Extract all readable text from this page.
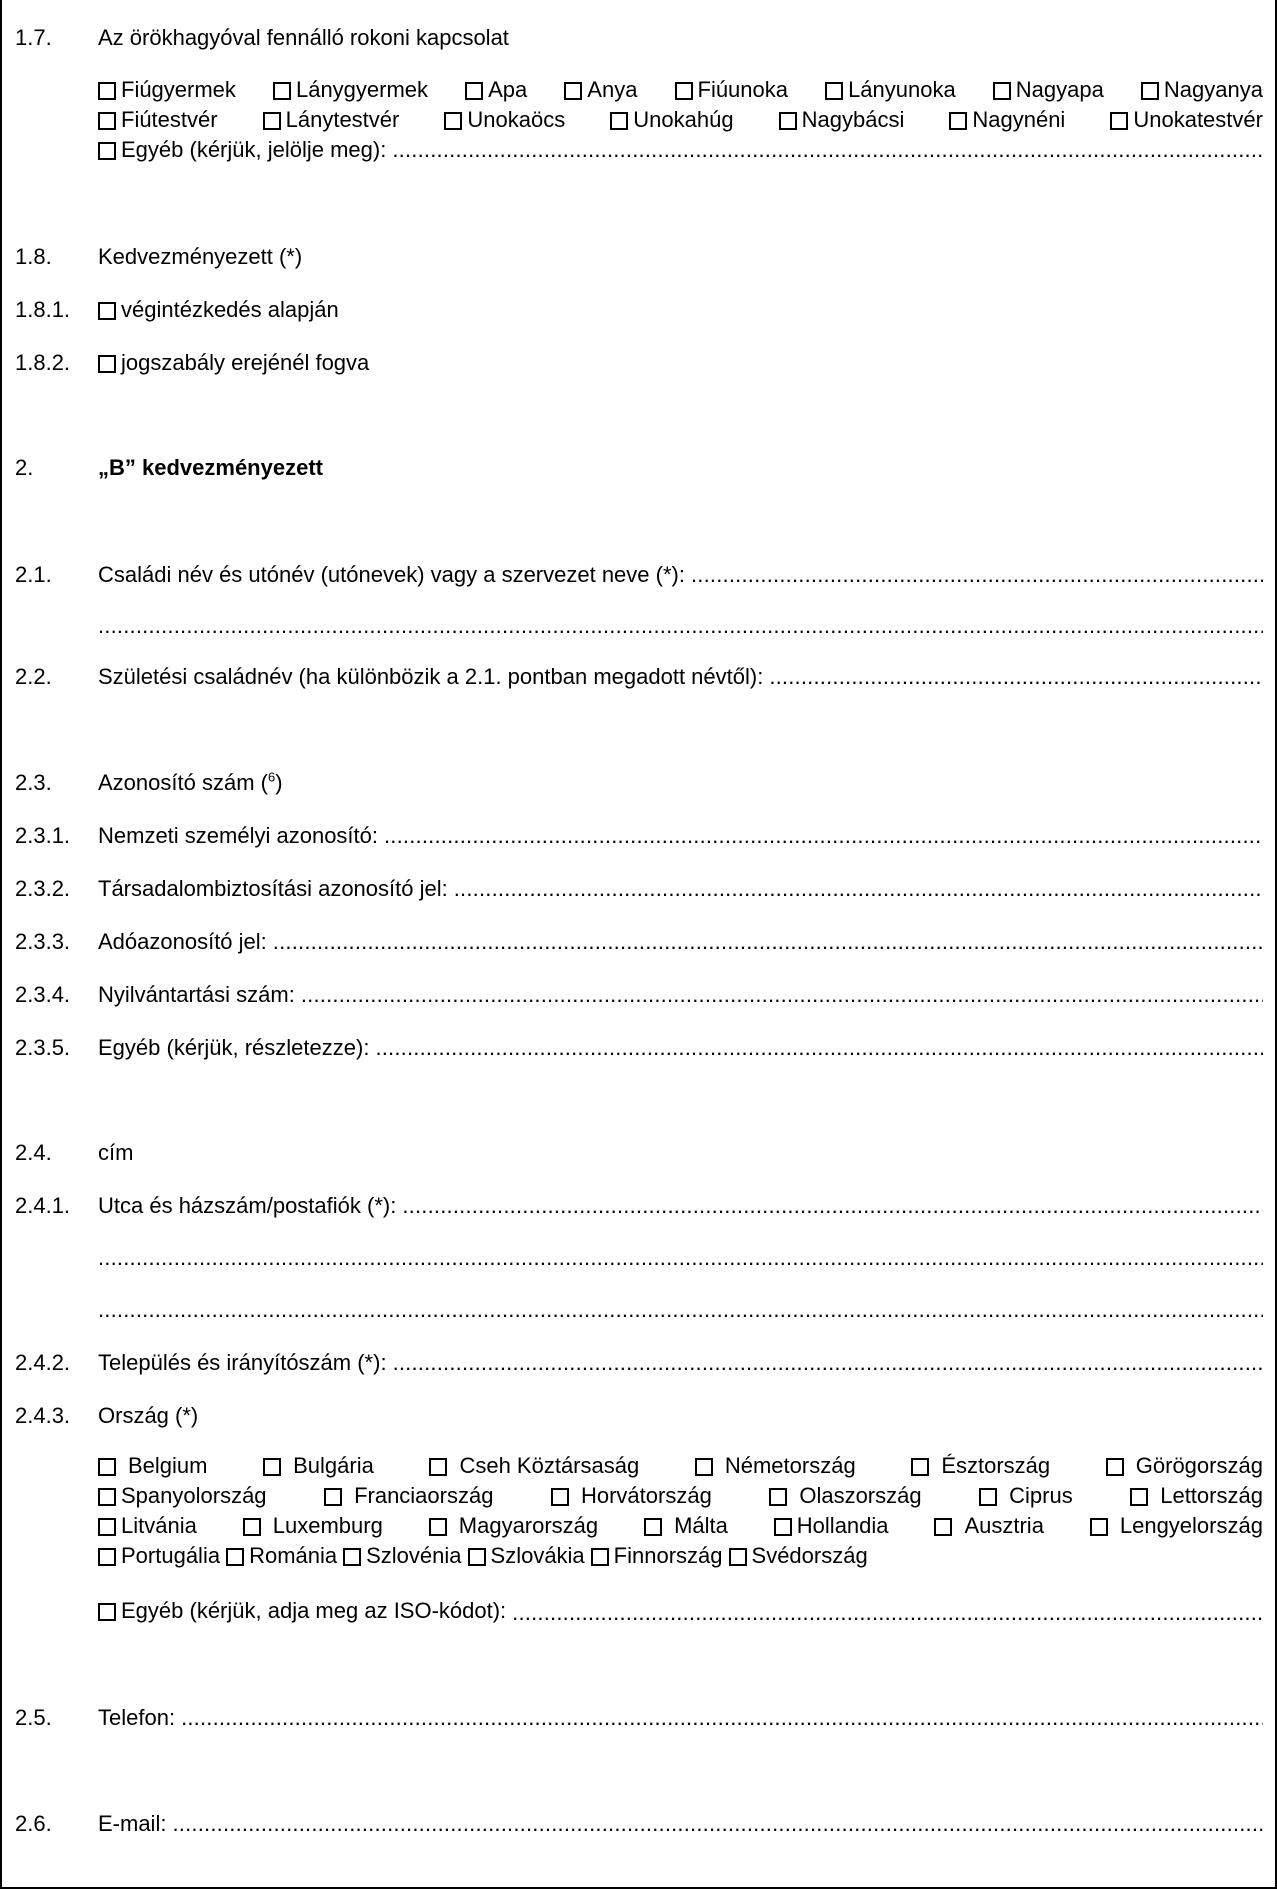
1.7. Az örökhagyóval fennálló rokoni kapcsolat
Fiúgyermek	Lánygyermek	Apa	Anya	Fiúunoka	Lányunoka	Nagyapa	Nagyanya
Fiútestvér	Lánytestvér	Unokaöcs	Unokahúg	Nagybácsi	Nagynéni	Unokatestvér
Egyéb (kérjük, jelölje meg):
.....
1.8. Kedvezményezett (*)
1.8.1. végintézkedés alapján
1.8.2. jogszabály erejénél fogva
2.	„B” kedvezményezett
2.1. Családi név és utónév (utónevek) vagy a szervezet neve (*):
.....
.....
2.2. Születési családnév (ha különbözik a 2.1. pontban megadott névtől):
.....
2.3. Azonosító szám ($^6$)
2.3.1. Nemzeti személyi azonosító:
.....
2.3.2. Társadalombiztosítási azonosító jel:
.....
2.3.3. Adóazonosító jel:
.....
2.3.4. Nyilvántartási szám:
.....
2.3.5. Egyéb (kérjük, részletezze):
.....
2.4. cím
2.4.1. Utca és házszám/postafiók (*):
.....
.....
.....
2.4.2. Település és irányítószám (*):
.....
2.4.3. Ország (*)
Belgium	Bulgária	Cseh Köztársaság	Németország	Észtország	Görögország
Spanyolország	Franciaország	Horvátország	Olaszország	Ciprus	Lettország
Litvánia	Luxemburg	Magyarország	Málta	Hollandia	Ausztria	Lengyelország
Portugália Románia Szlovénia Szlovákia Finnország Svédország
Egyéb (kérjük, adja meg az ISO-kódot):
.....
2.5. Telefon:
.....
2.6. E-mail:
.....
